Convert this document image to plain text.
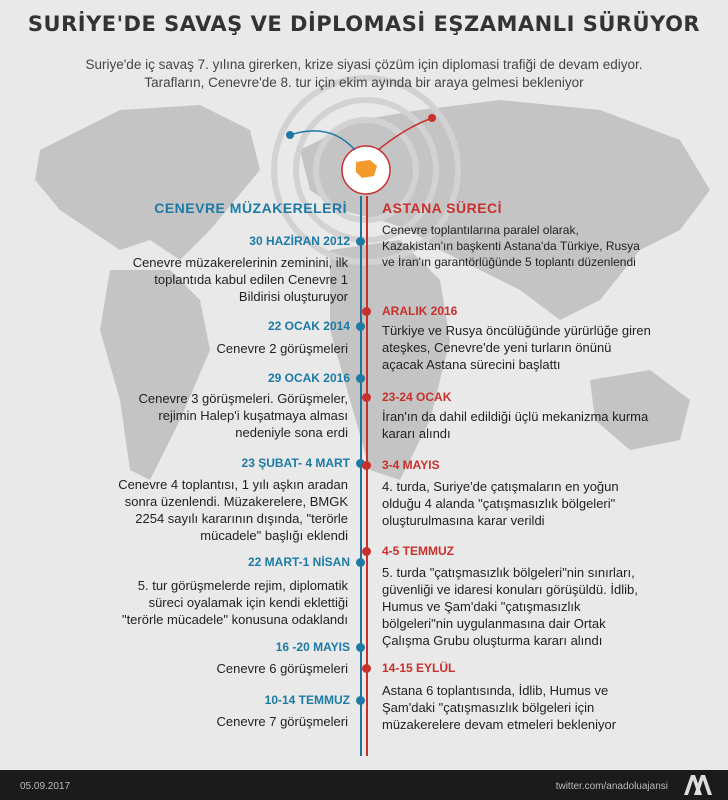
SURİYE'DE SAVAŞ VE DİPLOMASİ EŞZAMANLI SÜRÜYOR
Suriye'de iç savaş 7. yılına girerken, krize siyasi çözüm için diplomasi trafiği de devam ediyor. Tarafların, Cenevre'de 8. tur için ekim ayında bir araya gelmesi bekleniyor
CENEVRE MÜZAKERELERİ	ASTANA SÜRECİ
30 HAZİRAN 2012
Cenevre müzakerelerinin zeminini, ilk toplantıda kabul edilen Cenevre 1 Bildirisi oluşturuyor
22 OCAK 2014
Cenevre 2 görüşmeleri
29 OCAK 2016
Cenevre 3 görüşmeleri. Görüşmeler, rejimin Halep'i kuşatmaya alması nedeniyle sona erdi
23 ŞUBAT- 4 MART
Cenevre 4 toplantısı, 1 yılı aşkın aradan sonra üzenlendi. Müzakerelere, BMGK 2254 sayılı kararının dışında, "terörle mücadele" başlığı eklendi
22 MART-1 NİSAN
5. tur görüşmelerde rejim, diplomatik süreci oyalamak için kendi eklettiği "terörle mücadele" konusuna odaklandı
16 -20 MAYIS
Cenevre 6 görüşmeleri
10-14 TEMMUZ
Cenevre 7 görüşmeleri
Cenevre toplantılarına paralel olarak, Kazakistan'ın başkenti Astana'da Türkiye, Rusya ve İran'ın garantörlüğünde 5 toplantı düzenlendi
ARALIK 2016
Türkiye ve Rusya öncülüğünde yürürlüğe giren ateşkes, Cenevre'de yeni turların önünü açacak Astana sürecini başlattı
23-24 OCAK
İran'ın da dahil edildiği üçlü mekanizma kurma kararı alındı
3-4 MAYIS
4. turda, Suriye'de çatışmaların en yoğun olduğu 4 alanda "çatışmasızlık bölgeleri" oluşturulmasına karar verildi
4-5 TEMMUZ
5. turda "çatışmasızlık bölgeleri"nin sınırları, güvenliği ve idaresi konuları görüşüldü. İdlib, Humus ve Şam'daki "çatışmasızlık bölgeleri"nin uygulanmasına dair Ortak Çalışma Grubu oluşturma kararı alındı
14-15 EYLÜL
Astana 6 toplantısında, İdlib, Humus ve Şam'daki "çatışmasızlık bölgeleri için müzakerelere devam etmeleri bekleniyor
05.09.2017	twitter.com/anadoluajansi
